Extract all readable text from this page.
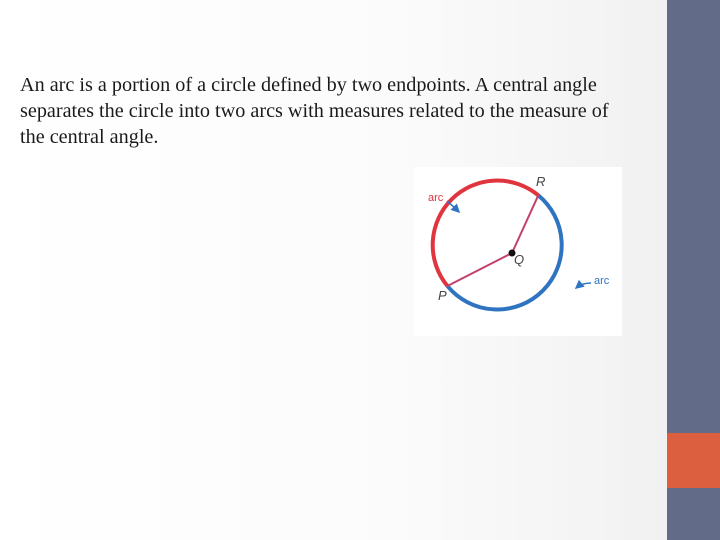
An arc is a portion of a circle defined by two endpoints. A central angle separates the circle into two arcs with measures related to the measure of the central angle.

arc
arc
R
Q
P
